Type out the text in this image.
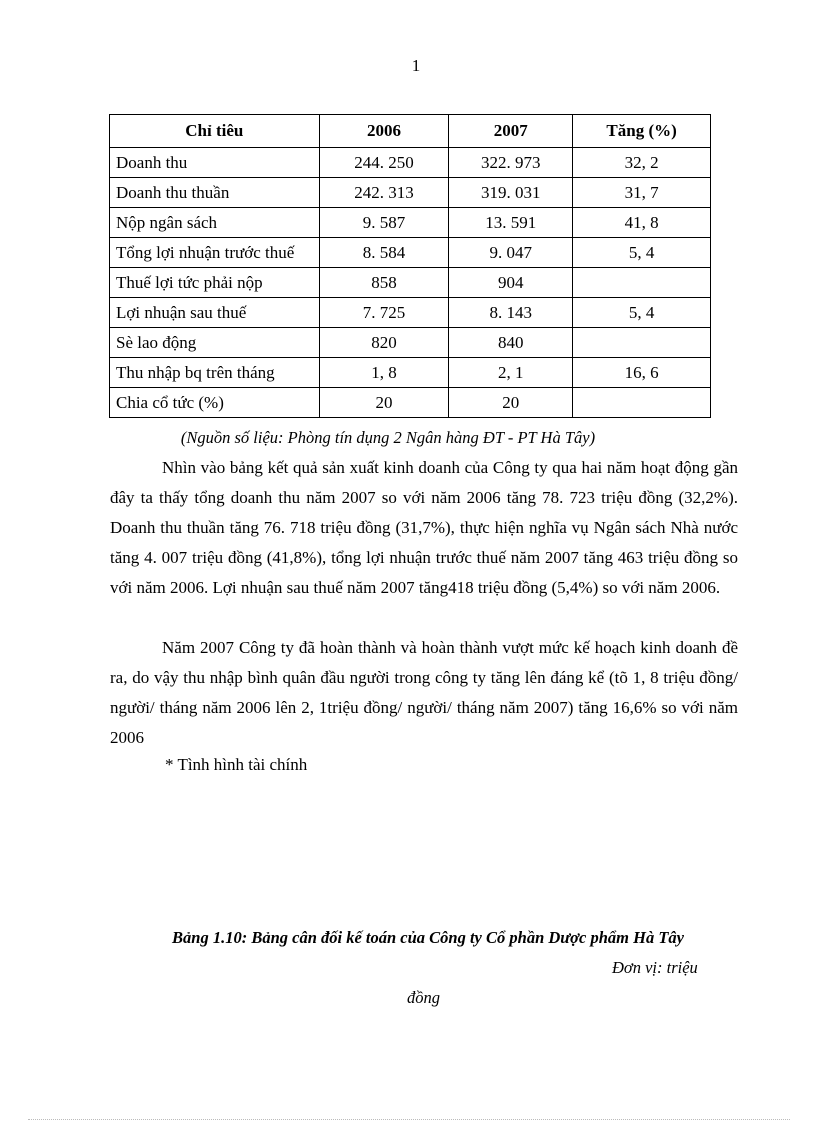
1
Chỉ tiêu	2006	2007	Tăng (%)
Doanh thu	244. 250	322. 973	32, 2
Doanh thu thuần	242. 313	319. 031	31, 7
Nộp ngân sách	9. 587	13. 591	41, 8
Tổng lợi nhuận trước thuế	8. 584	9. 047	5, 4
Thuế lợi tức phải nộp	858	904	
Lợi nhuận sau thuế	7. 725	8. 143	5, 4
Sè lao động	820	840	
Thu nhập bq trên tháng	1, 8	2, 1	16, 6
Chia cổ tức (%)	20	20	
(Nguồn số liệu: Phòng tín dụng 2 Ngân hàng ĐT - PT Hà Tây)

Nhìn vào bảng kết quả sản xuất kinh doanh của Công ty qua hai năm hoạt động gần đây ta thấy tổng doanh thu năm 2007 so với năm 2006 tăng 78. 723 triệu đồng (32,2%). Doanh thu thuần tăng 76. 718 triệu đồng (31,7%), thực hiện nghĩa vụ Ngân sách Nhà nước tăng 4. 007 triệu đồng (41,8%), tổng lợi nhuận trước thuế năm 2007 tăng 463 triệu đồng so với năm 2006. Lợi nhuận sau thuế năm 2007 tăng418 triệu đồng (5,4%) so với năm 2006.

Năm 2007 Công ty đã hoàn thành và hoàn thành vượt mức kế hoạch kinh doanh đề ra, do vậy thu nhập bình quân đầu người trong công ty tăng lên đáng kể (tõ 1, 8 triệu đồng/ người/ tháng năm 2006 lên 2, 1triệu đồng/ người/ tháng năm 2007) tăng 16,6% so với năm 2006

* Tình hình tài chính
Bảng 1.10: Bảng cân đối kế toán của Công ty Cổ phần Dược phẩm Hà Tây
Đơn vị: triệu
đồng
